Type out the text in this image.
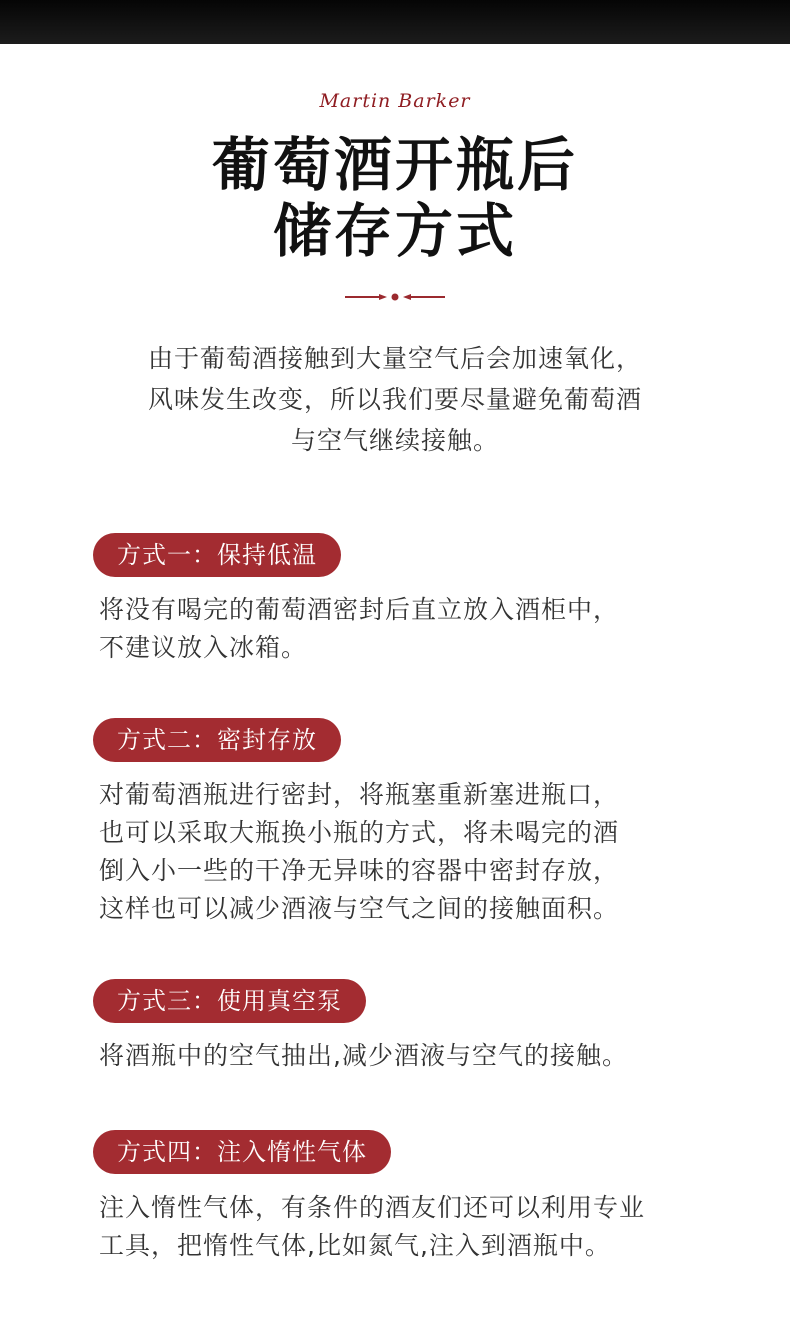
Martin Barker
葡萄酒开瓶后
储存方式
由于葡萄酒接触到大量空气后会加速氧化，
风味发生改变，所以我们要尽量避免葡萄酒
与空气继续接触。
方式一：保持低温
将没有喝完的葡萄酒密封后直立放入酒柜中，
不建议放入冰箱。
方式二：密封存放
对葡萄酒瓶进行密封，将瓶塞重新塞进瓶口，
也可以采取大瓶换小瓶的方式，将未喝完的酒
倒入小一些的干净无异味的容器中密封存放，
这样也可以减少酒液与空气之间的接触面积。
方式三：使用真空泵
将酒瓶中的空气抽出,减少酒液与空气的接触。
方式四：注入惰性气体
注入惰性气体，有条件的酒友们还可以利用专业
工具，把惰性气体,比如氮气,注入到酒瓶中。
